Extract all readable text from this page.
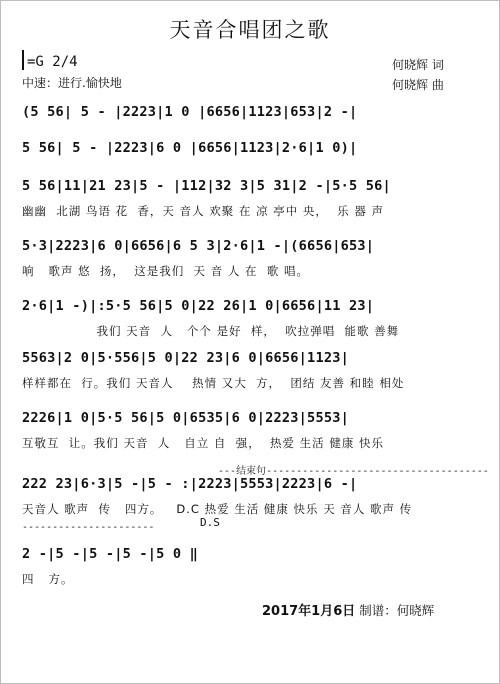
天音合唱团之歌
=G 2/4
中速：进行.愉快地
何晓辉 词
何晓辉 曲
(5 56| 5 - |2223|1 0 |6656|1123|653|2 -|
5 56| 5 - |2223|6 0 |6656|1123|2·6|1 0)|
5 56|11|21 23|5 - |112|32 3|5 31|2 -|5·5 56|
幽幽  北湖 鸟语 花  香，天 音人 欢聚 在 凉 亭中 央，  乐 器 声
5·3|2223|6 0|6656|6 5 3|2·6|1 -|(6656|653|
响   歌声 悠  扬，  这是我们  天 音 人 在  歌 唱。
2·6|1 -)|:5·5 56|5 0|22 26|1 0|6656|11 23|
我们 天音  人   个个 是好  样，  吹拉弹唱  能歌 善舞
5563|2 0|5·556|5 0|22 23|6 0|6656|1123|
样样都在  行。我们 天音人    热情 又大  方，  团结 友善 和睦 相处
2226|1 0|5·5 56|5 0|6535|6 0|2223|5553|
互敬互  让。我们 天音  人   自立 自  强，  热爱 生活 健康 快乐
---结束句-------------------------------------
222 23|6·3|5 -|5 - :|2223|5553|2223|6 -|
天音人 歌声  传   四方。   D.C 热爱 生活 健康 快乐 天 音人 歌声 传
D.S
----------------------
2 -|5 -|5 -|5 -|5 0 ‖
四   方。
2017年1月6日 制谱：何晓辉
